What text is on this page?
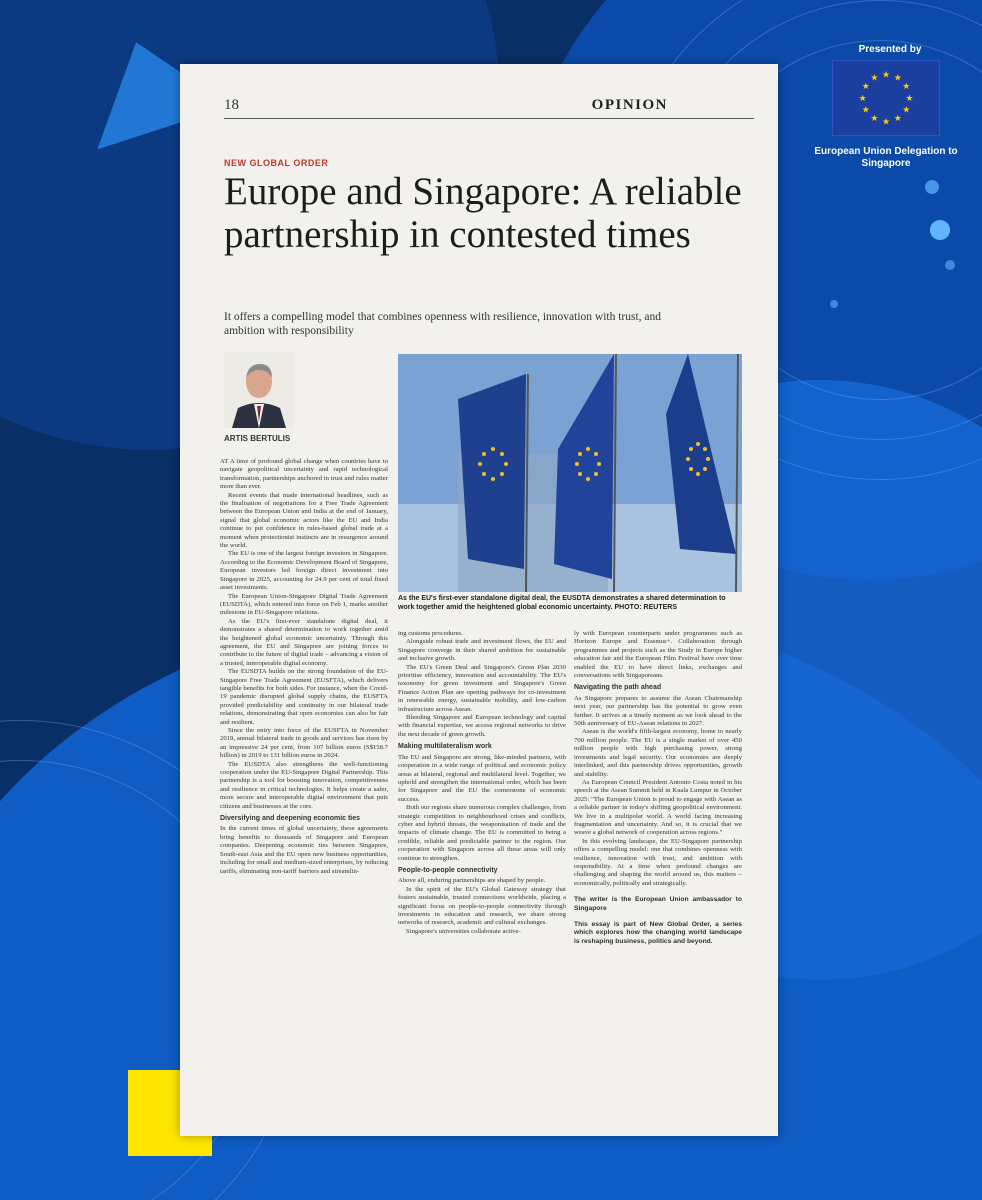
Presented by
★ ★
★
★
★
★
★
★
★
★
★
★
European Union Delegation to Singapore
18	OPINION
NEW GLOBAL ORDER
Europe and Singapore: A reliable partnership in contested times
It offers a compelling model that combines openness with resilience, innovation with trust, and ambition with responsibility
ARTIS BERTULIS
As the EU's first-ever standalone digital deal, the EUSDTA demonstrates a shared determination to work together amid the heightened global economic uncertainty. PHOTO: REUTERS

AT A time of profound global change when countries have to navigate geopolitical uncertainty and rapid technological transformation, partnerships anchored in trust and rules matter more than ever.

Recent events that made international headlines, such as the finalisation of negotiations for a Free Trade Agreement between the European Union and India at the end of January, signal that global economic actors like the EU and India continue to put confidence in rules-based global trade at a moment when protectionist instincts are in resurgence around the world.

The EU is one of the largest foreign investors in Singapore. According to the Economic Development Board of Singapore, European investors led foreign direct investment into Singapore in 2025, accounting for 24.9 per cent of total fixed asset investments.

The European Union-Singapore Digital Trade Agreement (EUSDTA), which entered into force on Feb 1, marks another milestone in EU-Singapore relations.

As the EU's first-ever standalone digital deal, it demonstrates a shared determination to work together amid the heightened global economic uncertainty. Through this agreement, the EU and Singapore are joining forces to contribute to the future of digital trade – advancing a vision of a trusted, interoperable digital economy.

The EUSDTA builds on the strong foundation of the EU-Singapore Free Trade Agreement (EUSFTA), which delivers tangible benefits for both sides. For instance, when the Covid-19 pandemic disrupted global supply chains, the EUSFTA provided predictability and continuity in our bilateral trade relations, demonstrating that open economies can also be fair and resilient.

Since the entry into force of the EUSFTA in November 2019, annual bilateral trade in goods and services has risen by an impressive 24 per cent, from 107 billion euros (S$158.7 billion) in 2019 to 131 billion euros in 2024.

The EUSDTA also strengthens the well-functioning cooperation under the EU-Singapore Digital Partnership. This partnership is a tool for boosting innovation, competitiveness and resilience in critical technologies. It helps create a safer, more secure and interoperable digital environment that puts citizens and businesses at the core.

Diversifying and deepening economic ties

In the current times of global uncertainty, these agreements bring benefits to thousands of Singapore and European companies. Deepening economic ties between Singapore, South-east Asia and the EU open new business opportunities, including for small and medium-sized enterprises, by reducing tariffs, eliminating non-tariff barriers and streamlin-

ing customs procedures.

Alongside robust trade and investment flows, the EU and Singapore converge in their shared ambition for sustainable and inclusive growth.

The EU's Green Deal and Singapore's Green Plan 2030 prioritise efficiency, innovation and accountability. The EU's taxonomy for green investment and Singapore's Green Finance Action Plan are opening pathways for co-investment in renewable energy, sustainable mobility, and low-carbon infrastructure across Asean.

Blending Singapore and European technology and capital with financial expertise, we access regional networks to drive the next decade of green growth.

Making multilateralism work

The EU and Singapore are strong, like-minded partners, with cooperation in a wide range of political and economic policy areas at bilateral, regional and multilateral level. Together, we uphold and strengthen the international order, which has been for Singapore and the EU the cornerstone of economic success.

Both our regions share numerous complex challenges, from strategic competition to neighbourhood crises and conflicts, cyber and hybrid threats, the weaponisation of trade and the impacts of climate change. The EU is committed to being a credible, reliable and predictable partner to the region. Our cooperation with Singapore across all these areas will only continue to strengthen.

People-to-people connectivity

Above all, enduring partnerships are shaped by people.

In the spirit of the EU's Global Gateway strategy that fosters sustainable, trusted connections worldwide, placing a significant focus on people-to-people connectivity through investments in education and research, we share strong networks of research, academic and cultural exchanges.

Singapore's universities collaborate active-

ly with European counterparts under programmes such as Horizon Europe and Erasmus+. Collaboration through programmes and projects such as the Study in Europe higher education fair and the European Film Festival have over time enabled the EU to have direct links, exchanges and conversations with Singaporeans.

Navigating the path ahead

As Singapore prepares to assume the Asean Chairmanship next year, our partnership has the potential to grow even further. It arrives at a timely moment as we look ahead to the 50th anniversary of EU-Asean relations in 2027.

Asean is the world's fifth-largest economy, home to nearly 700 million people. The EU is a single market of over 450 million people with high purchasing power, strong investments and legal security. Our economies are deeply interlinked, and this partnership drives opportunities, growth and stability.

As European Council President Antonio Costa noted in his speech at the Asean Summit held in Kuala Lumpur in October 2025: "The European Union is proud to engage with Asean as a reliable partner in today's shifting geopolitical environment. We live in a multipolar world. A world facing increasing fragmentation and uncertainty. And so, it is crucial that we weave a global network of cooperation across regions."

In this evolving landscape, the EU-Singapore partnership offers a compelling model: one that combines openness with resilience, innovation with trust, and ambition with responsibility. At a time when profound changes are challenging and shaping the world around us, this matters – economically, politically and strategically.

The writer is the European Union ambassador to Singapore

This essay is part of New Global Order, a series which explores how the changing world landscape is reshaping business, politics and beyond.
